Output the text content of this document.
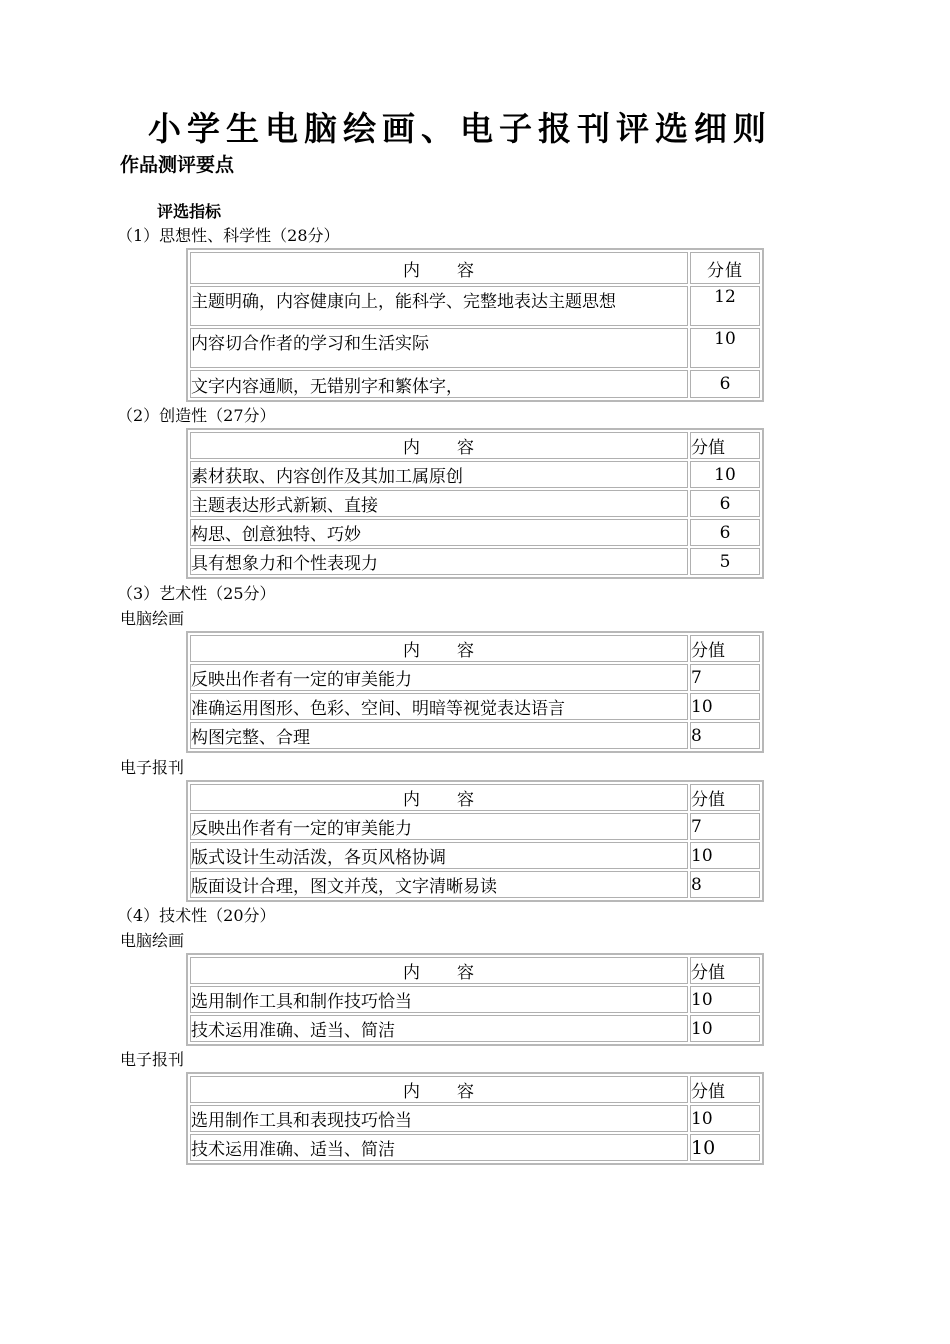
小学生电脑绘画、电子报刊评选细则
作品测评要点
评选指标
（1）思想性、科学性（28分）
内　　容	分值
主题明确，内容健康向上，能科学、完整地表达主题思想	12
内容切合作者的学习和生活实际	10
文字内容通顺，无错别字和繁体字，	6
（2）创造性（27分）
内　　容	分值
素材获取、内容创作及其加工属原创	10
主题表达形式新颖、直接	6
构思、创意独特、巧妙	6
具有想象力和个性表现力	5
（3）艺术性（25分）
电脑绘画
内　　容	分值
反映出作者有一定的审美能力	7
准确运用图形、色彩、空间、明暗等视觉表达语言	10
构图完整、合理	8
电子报刊
内　　容	分值
反映出作者有一定的审美能力	7
版式设计生动活泼，各页风格协调	10
版面设计合理，图文并茂，文字清晰易读	8
（4）技术性（20分）
电脑绘画
内　　容	分值
选用制作工具和制作技巧恰当	10
技术运用准确、适当、简洁	10
电子报刊
内　　容	分值
选用制作工具和表现技巧恰当	10
技术运用准确、适当、简洁	10
